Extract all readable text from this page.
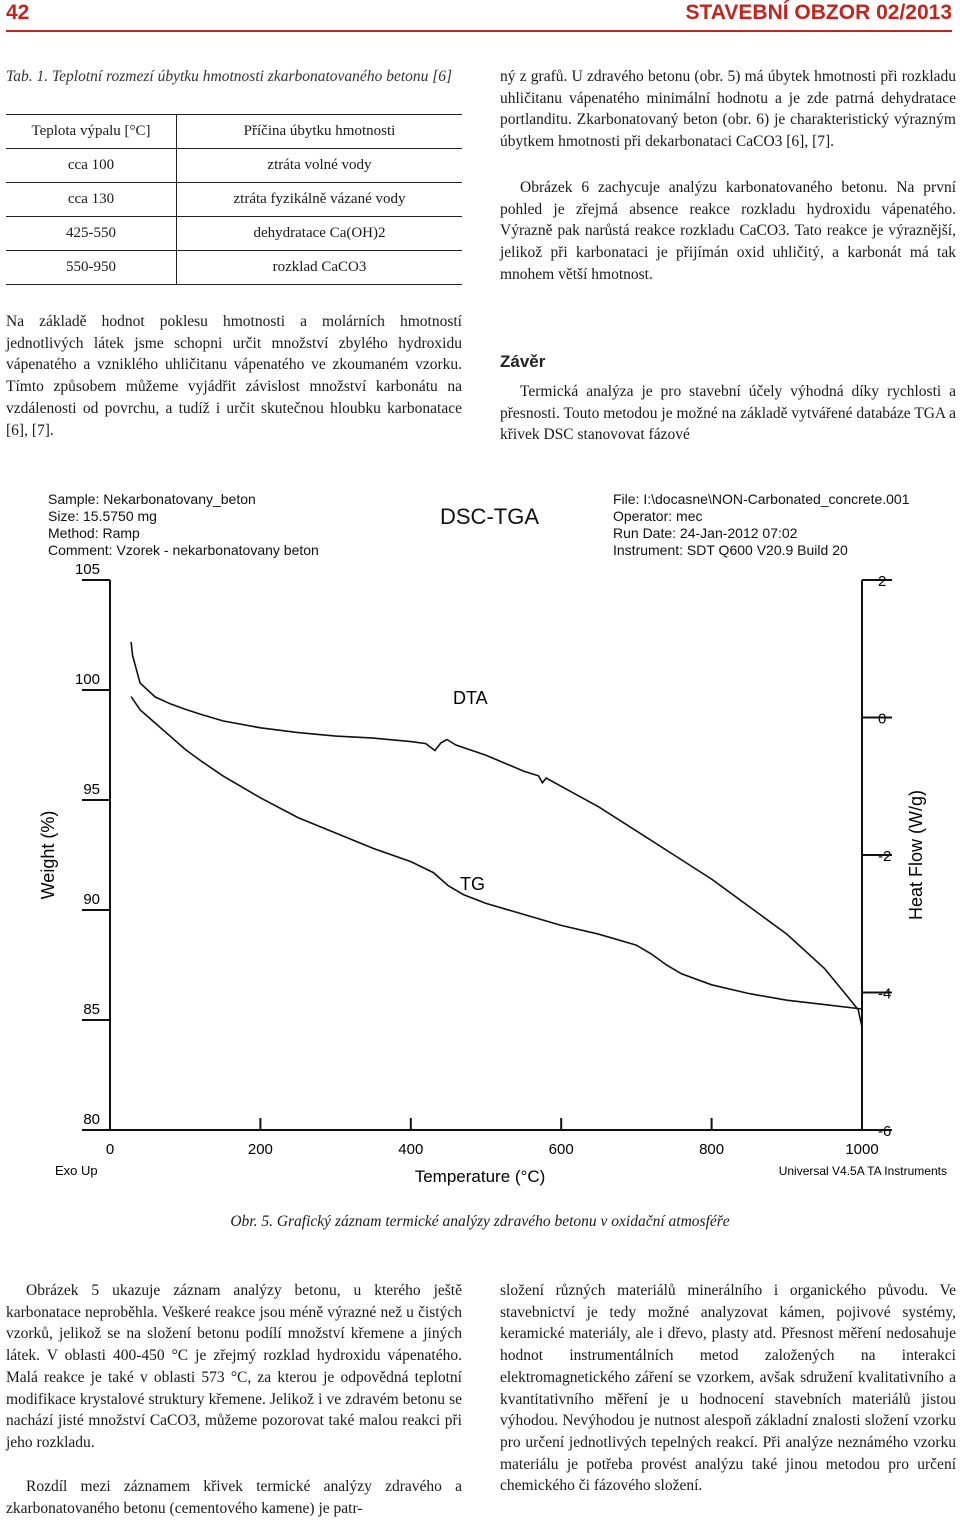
42	STAVEBNÍ OBZOR 02/2013
Tab. 1. Teplotní rozmezí úbytku hmotnosti zkarbonatovaného betonu [6]
Teplota výpalu [°C]	Příčina úbytku hmotnosti
cca 100	ztráta volné vody
cca 130	ztráta fyzikálně vázané vody
425-550	dehydratace Ca(OH)2
550-950	rozklad CaCO3

Na základě hodnot poklesu hmotnosti a molárních hmotností jednotlivých látek jsme schopni určit množství zbylého hydroxidu vápenatého a vzniklého uhličitanu vápenatého ve zkoumaném vzorku. Tímto způsobem můžeme vyjádřit závislost množství karbonátu na vzdálenosti od povrchu, a tudíž i určit skutečnou hloubku karbonatace [6], [7].

ný z grafů. U zdravého betonu (obr. 5) má úbytek hmotnosti při rozkladu uhličitanu vápenatého minimální hodnotu a je zde patrná dehydratace portlanditu. Zkarbonatovaný beton (obr. 6) je charakteristický výrazným úbytkem hmotnosti při dekarbonataci CaCO3 [6], [7].

Obrázek 6 zachycuje analýzu karbonatovaného betonu. Na první pohled je zřejmá absence reakce rozkladu hydroxidu vápenatého. Výrazně pak narůstá reakce rozkladu CaCO3. Tato reakce je výraznější, jelikož při karbonataci je přijímán oxid uhličitý, a karbonát má tak mnohem větší hmotnost.

Závěr

Termická analýza je pro stavební účely výhodná díky rychlosti a přesnosti. Touto metodou je možné na základě vytvářené databáze TGA a křivek DSC stanovovat fázové

Sample: Nekarbonatovany_beton
Size: 15.5750 mg
Method: Ramp
Comment: Vzorek - nekarbonatovany beton
DSC-TGA
File: I:\docasne\NON-Carbonated_concrete.001
Operator: mec
Run Date: 24-Jan-2012 07:02
Instrument: SDT Q600 V20.9 Build 20
80
85
90
95
100
105
-6
-4
-2
0
2
0	200	400	600	800	1000
Temperature (°C)
Weight (%)	Heat Flow (W/g)
DTA
TG
Exo Up	Universal V4.5A TA Instruments
Obr. 5. Grafický záznam termické analýzy zdravého betonu v oxidační atmosféře

Obrázek 5 ukazuje záznam analýzy betonu, u kterého ještě karbonatace neproběhla. Veškeré reakce jsou méně výrazné než u čistých vzorků, jelikož se na složení betonu podílí množství křemene a jiných látek. V oblasti 400-450 °C je zřejmý rozklad hydroxidu vápenatého. Malá reakce je také v oblasti 573 °C, za kterou je odpovědná teplotní modifikace krystalové struktury křemene. Jelikož i ve zdravém betonu se nachází jisté množství CaCO3, můžeme pozorovat také malou reakci při jeho rozkladu.

Rozdíl mezi záznamem křivek termické analýzy zdravého a zkarbonatovaného betonu (cementového kamene) je patr-

složení různých materiálů minerálního i organického původu. Ve stavebnictví je tedy možné analyzovat kámen, pojivové systémy, keramické materiály, ale i dřevo, plasty atd. Přesnost měření nedosahuje hodnot instrumentálních metod založených na interakci elektromagnetického záření se vzorkem, avšak sdružení kvalitativního a kvantitativního měření je u hodnocení stavebních materiálů jistou výhodou. Nevýhodou je nutnost alespoň základní znalosti složení vzorku pro určení jednotlivých tepelných reakcí. Při analýze neznámého vzorku materiálu je potřeba provést analýzu také jinou metodou pro určení chemického či fázového složení.
